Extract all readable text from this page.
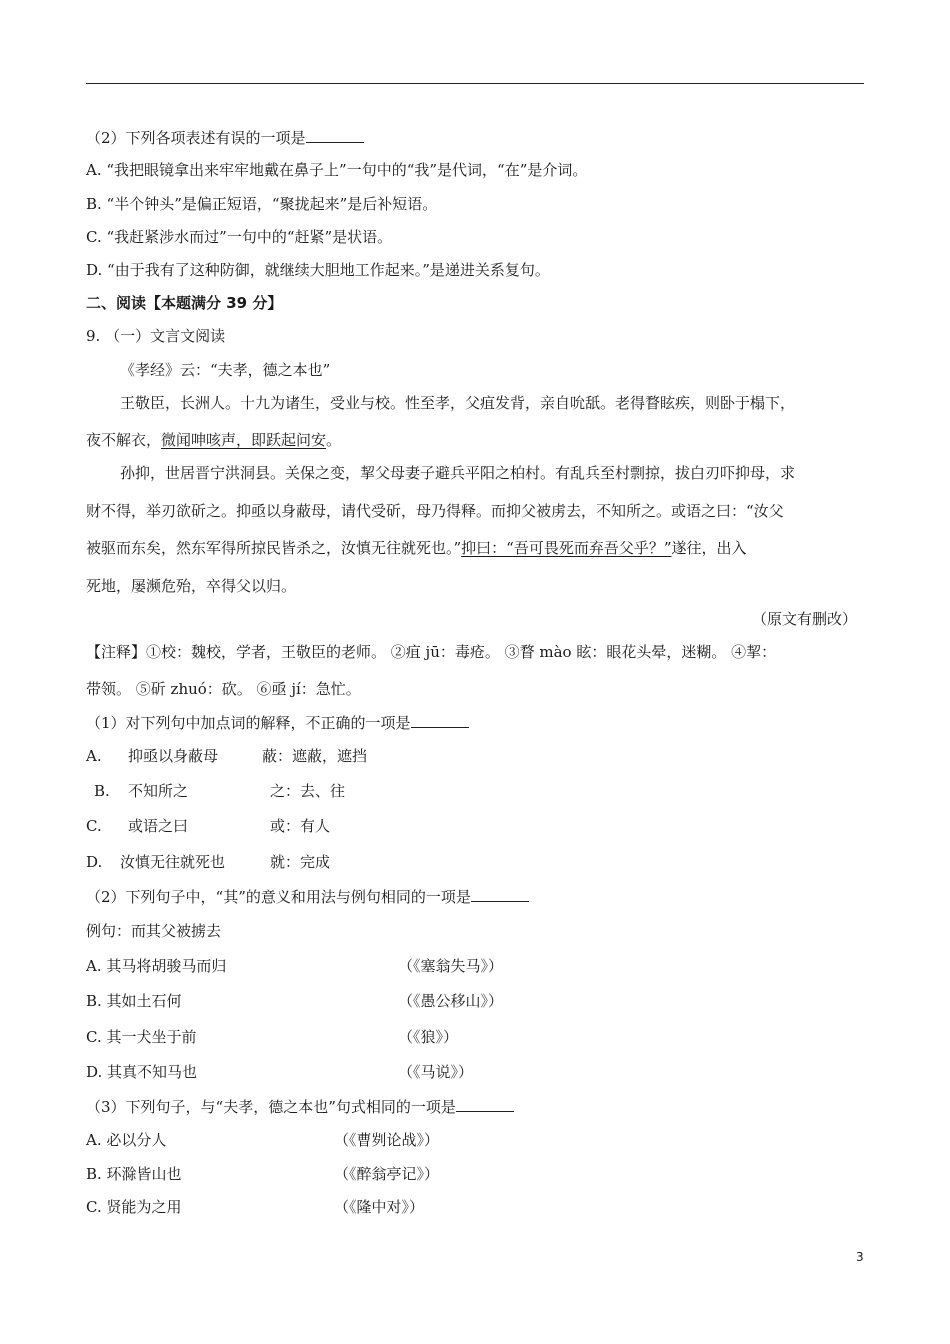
（2）下列各项表述有误的一项是
A. “我把眼镜拿出来牢牢地戴在鼻子上”一句中的“我”是代词，“在”是介词。
B. “半个钟头”是偏正短语，“聚拢起来”是后补短语。
C. “我赶紧涉水而过”一句中的“赶紧”是状语。
D. “由于我有了这种防御，就继续大胆地工作起来。”是递进关系复句。
二、阅读【本题满分 39 分】
9. （一）文言文阅读
《孝经》云：“夫孝，德之本也”
王敬臣，长洲人。十九为诸生，受业与校。性至孝，父疽发背，亲自吮舐。老得瞀眩疾，则卧于榻下，
夜不解衣，微闻呻咳声，即跃起问安。
孙抑，世居晋宁洪洞县。关保之变，挈父母妻子避兵平阳之柏村。有乱兵至村剽掠，拔白刃吓抑母，求
财不得，举刃欲斫之。抑亟以身蔽母，请代受斫，母乃得释。而抑父被虏去，不知所之。或语之曰：“汝父
被驱而东矣，然东军得所掠民皆杀之，汝慎无往就死也。”抑曰：“吾可畏死而弃吾父乎？”遂往，出入
死地，屡濒危殆，卒得父以归。
（原文有删改）
【注释】①校：魏校，学者，王敬臣的老师。 ②疽 jū：毒疮。 ③瞀 mào 眩：眼花头晕，迷糊。 ④挈：
带领。 ⑤斫 zhuó：砍。 ⑥亟 jí：急忙。
（1）对下列句中加点词的解释，不正确的一项是
A. 抑亟以身蔽母	蔽：遮蔽，遮挡
B. 不知所之	之：去、往
C. 或语之曰	或：有人
D. 汝慎无往就死也	就：完成
（2）下列句子中，“其”的意义和用法与例句相同的一项是
例句：而其父被掳去
A. 其马将胡骏马而归	（《塞翁失马》）
B. 其如土石何	（《愚公移山》）
C. 其一犬坐于前	（《狼》）
D. 其真不知马也	（《马说》）
（3）下列句子，与“夫孝，德之本也”句式相同的一项是
A. 必以分人	（《曹刿论战》）
B. 环滁皆山也	（《醉翁亭记》）
C. 贤能为之用	（《隆中对》）
3
